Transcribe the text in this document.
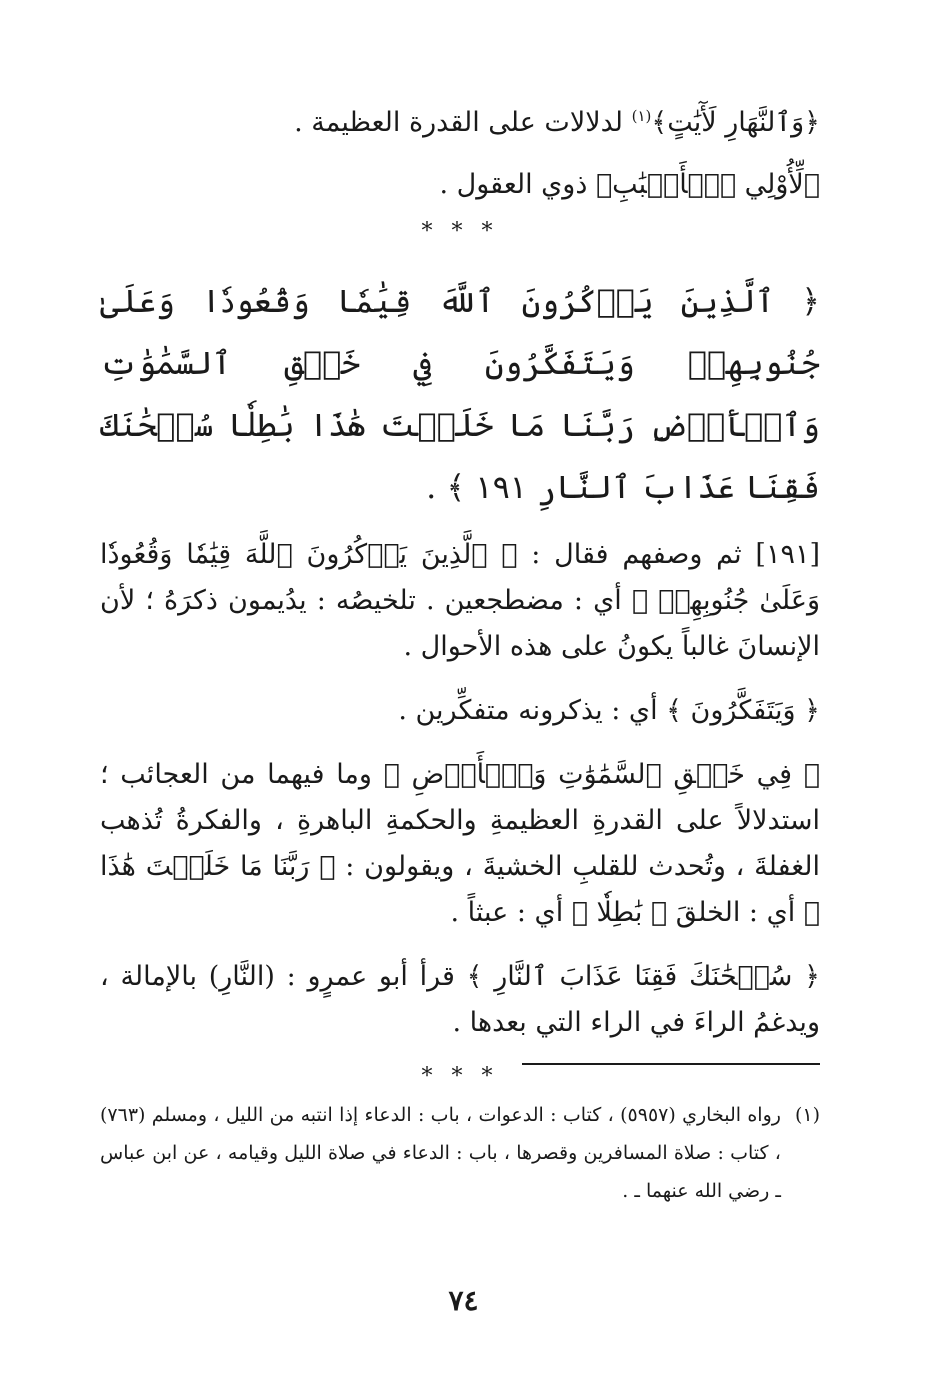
﴿وَٱلنَّهَارِ لَأٓيَٰتٍ﴾$^{(١)}$ لدلالات على القدرة العظيمة .

﴿لِّأُوْلِي ٱلۡأَلۡبَٰبِ﴾ ذوي العقول .

* * *

﴿ ٱلَّذِينَ يَذۡكُرُونَ ٱللَّهَ قِيَٰمٗا وَقُعُودٗا وَعَلَىٰ جُنُوبِهِمۡ وَيَتَفَكَّرُونَ فِي خَلۡقِ ٱلسَّمَٰوَٰتِ وَٱلۡأَرۡضِ رَبَّنَا مَا خَلَقۡتَ هَٰذَا بَٰطِلٗا سُبۡحَٰنَكَ فَقِنَا عَذَابَ ٱلنَّارِ ١٩١ ﴾ .

[١٩١] ثم وصفهم فقال : ﴿ ٱلَّذِينَ يَذۡكُرُونَ ٱللَّهَ قِيَٰمٗا وَقُعُودٗا وَعَلَىٰ جُنُوبِهِمۡ ﴾ أي : مضطجعين . تلخيصُه : يدُيمون ذكرَهُ ؛ لأن الإنسانَ غالباً يكونُ على هذه الأحوال .

﴿ وَيَتَفَكَّرُونَ ﴾ أي : يذكرونه متفكِّرين .

﴿ فِي خَلۡقِ ٱلسَّمَٰوَٰتِ وَٱلۡأَرۡضِ ﴾ وما فيهما من العجائب ؛ استدلالاً على القدرةِ العظيمةِ والحكمةِ الباهرةِ ، والفكرةُ تُذهب الغفلةَ ، وتُحدث للقلبِ الخشيةَ ، ويقولون : ﴿ رَبَّنَا مَا خَلَقۡتَ هَٰذَا ﴾ أي : الخلقَ ﴿ بَٰطِلٗا ﴾ أي : عبثاً .

﴿ سُبۡحَٰنَكَ فَقِنَا عَذَابَ ٱلنَّارِ ﴾ قرأ أبو عمرٍو : (النَّارِ) بالإمالة ، ويدغمُ الراءَ في الراء التي بعدها .

* * *
(١)
رواه البخاري (٥٩٥٧) ، كتاب : الدعوات ، باب : الدعاء إذا انتبه من الليل ، ومسلم (٧٦٣) ، كتاب : صلاة المسافرين وقصرها ، باب : الدعاء في صلاة الليل وقيامه ، عن ابن عباس ـ رضي الله عنهما ـ .
٧٤
